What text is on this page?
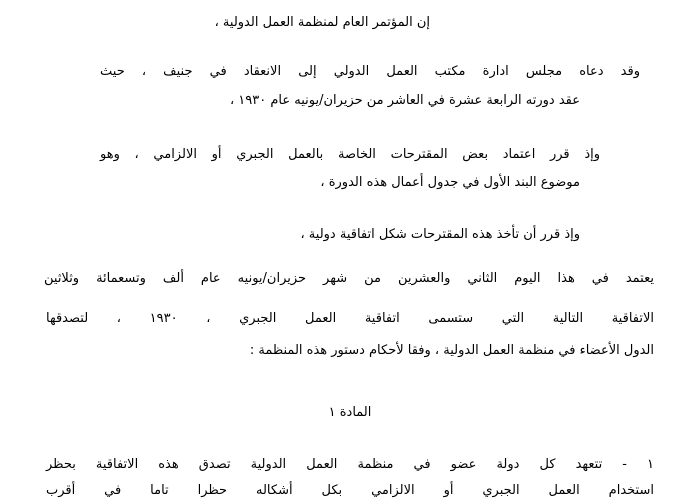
إن المؤتمر العام لمنظمة العمل الدولية ،
وقد دعاه مجلس ادارة مكتب العمل الدولي إلى الانعقاد في جنيف ، حيث
عقد دورته الرابعة عشرة في العاشر من حزيران/يونيه عام ١٩٣٠ ،
وإذ قرر اعتماد بعض المقترحات الخاصة بالعمل الجبري أو الالزامي ، وهو
موضوع البند الأول في جدول أعمال هذه الدورة ،
وإذ قرر أن تأخذ هذه المقترحات شكل اتفاقية دولية ،
يعتمد في هذا اليوم الثاني والعشرين من شهر حزيران/يونيه عام ألف وتسعمائة وثلاثين
الاتفاقية التالية التي ستسمى اتفاقية العمل الجبري ، ١٩٣٠ ، لتصدقها
الدول الأعضاء في منظمة العمل الدولية ، وفقا لأحكام دستور هذه المنظمة :
المادة ١
١ - تتعهد كل دولة عضو في منظمة العمل الدولية تصدق هذه الاتفاقية بحظر
استخدام العمل الجبري أو الالزامي بكل أشكاله حظرا تاما في أقرب
